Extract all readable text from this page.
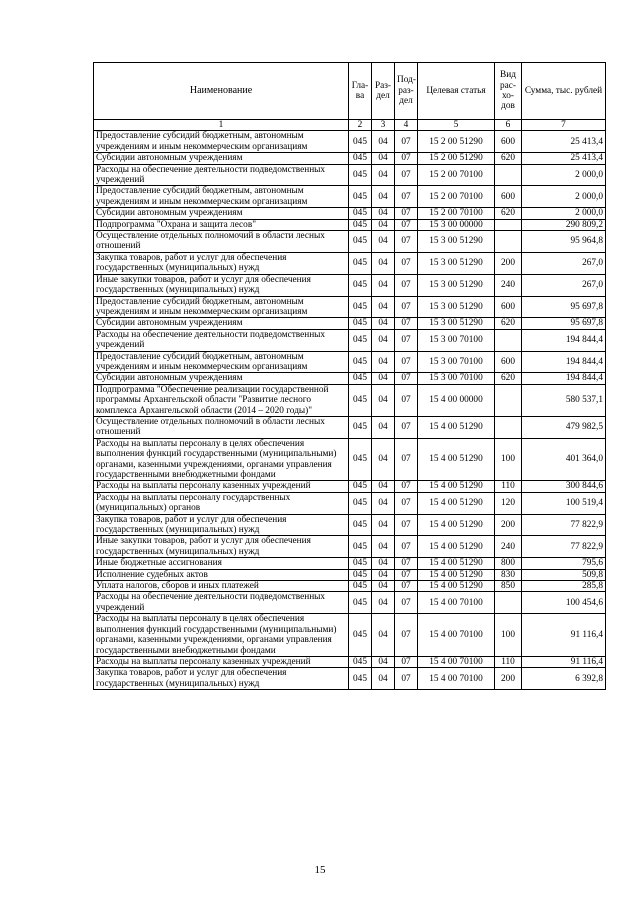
Наименование	Гла-ва	Раз-дел	Под-раз-дел	Целевая статья	Вид рас-хо-дов	Сумма, тыс. рублей
1	2	3	4	5	6	7
Предоставление субсидий бюджетным, автономным учреждениям и иным некоммерческим организациям	045	04	07	15 2 00 51290	600	25 413,4
Субсидии автономным учреждениям	045	04	07	15 2 00 51290	620	25 413,4
Расходы на обеспечение деятельности подведомственных учреждений	045	04	07	15 2 00 70100		2 000,0
Предоставление субсидий бюджетным, автономным учреждениям и иным некоммерческим организациям	045	04	07	15 2 00 70100	600	2 000,0
Субсидии автономным учреждениям	045	04	07	15 2 00 70100	620	2 000,0
Подпрограмма "Охрана и защита лесов"	045	04	07	15 3 00 00000		290 809,2
Осуществление отдельных полномочий в области лесных отношений	045	04	07	15 3 00 51290		95 964,8
Закупка товаров, работ и услуг для обеспечения государственных (муниципальных) нужд	045	04	07	15 3 00 51290	200	267,0
Иные закупки товаров, работ и услуг для обеспечения государственных (муниципальных) нужд	045	04	07	15 3 00 51290	240	267,0
Предоставление субсидий бюджетным, автономным учреждениям и иным некоммерческим организациям	045	04	07	15 3 00 51290	600	95 697,8
Субсидии автономным учреждениям	045	04	07	15 3 00 51290	620	95 697,8
Расходы на обеспечение деятельности подведомственных учреждений	045	04	07	15 3 00 70100		194 844,4
Предоставление субсидий бюджетным, автономным учреждениям и иным некоммерческим организациям	045	04	07	15 3 00 70100	600	194 844,4
Субсидии автономным учреждениям	045	04	07	15 3 00 70100	620	194 844,4
Подпрограмма "Обеспечение реализации государственной программы Архангельской области "Развитие лесного комплекса Архангельской области (2014 – 2020 годы)"	045	04	07	15 4 00 00000		580 537,1
Осуществление отдельных полномочий в области лесных отношений	045	04	07	15 4 00 51290		479 982,5
Расходы на выплаты персоналу в целях обеспечения выполнения функций государственными (муниципальными) органами, казенными учреждениями, органами управления государственными внебюджетными фондами	045	04	07	15 4 00 51290	100	401 364,0
Расходы на выплаты персоналу казенных учреждений	045	04	07	15 4 00 51290	110	300 844,6
Расходы на выплаты персоналу государственных (муниципальных) органов	045	04	07	15 4 00 51290	120	100 519,4
Закупка товаров, работ и услуг для обеспечения государственных (муниципальных) нужд	045	04	07	15 4 00 51290	200	77 822,9
Иные закупки товаров, работ и услуг для обеспечения государственных (муниципальных) нужд	045	04	07	15 4 00 51290	240	77 822,9
Иные бюджетные ассигнования	045	04	07	15 4 00 51290	800	795,6
Исполнение судебных актов	045	04	07	15 4 00 51290	830	509,8
Уплата налогов, сборов и иных платежей	045	04	07	15 4 00 51290	850	285,8
Расходы на обеспечение деятельности подведомственных учреждений	045	04	07	15 4 00 70100		100 454,6
Расходы на выплаты персоналу в целях обеспечения выполнения функций государственными (муниципальными) органами, казенными учреждениями, органами управления государственными внебюджетными фондами	045	04	07	15 4 00 70100	100	91 116,4
Расходы на выплаты персоналу казенных учреждений	045	04	07	15 4 00 70100	110	91 116,4
Закупка товаров, работ и услуг для обеспечения государственных (муниципальных) нужд	045	04	07	15 4 00 70100	200	6 392,8
15
